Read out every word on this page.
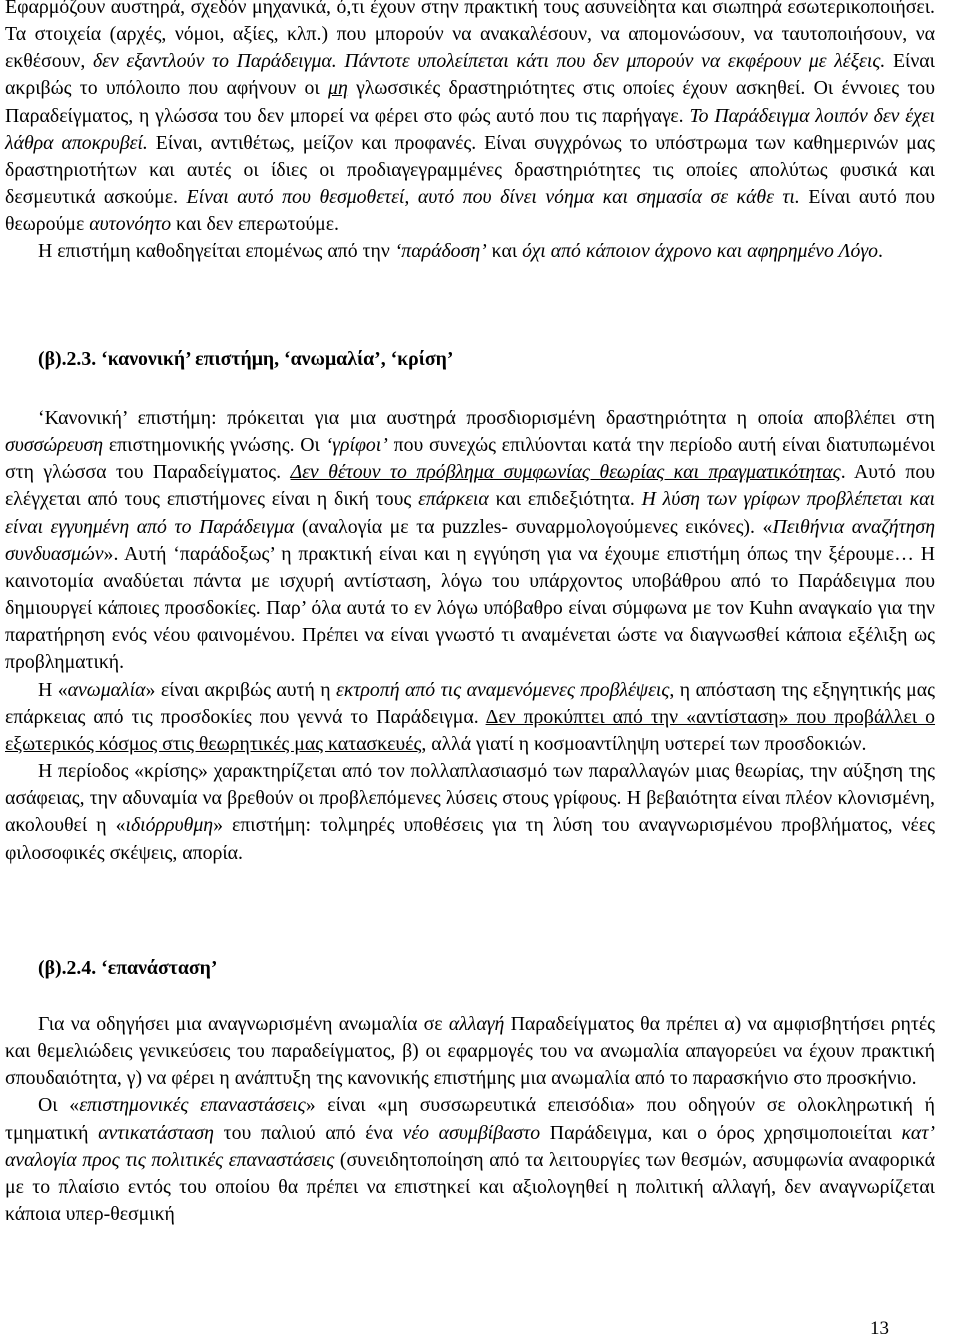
Εφαρμόζουν αυστηρά, σχεδόν μηχανικά, ό,τι έχουν στην πρακτική τους ασυνείδητα και σιωπηρά εσωτερικοποιήσει. Τα στοιχεία (αρχές, νόμοι, αξίες, κλπ.) που μπορούν να ανακαλέσουν, να απομονώσουν, να ταυτοποιήσουν, να εκθέσουν, δεν εξαντλούν το Παράδειγμα. Πάντοτε υπολείπεται κάτι που δεν μπορούν να εκφέρουν με λέξεις. Είναι ακριβώς το υπόλοιπο που αφήνουν οι μη γλωσσικές δραστηριότητες στις οποίες έχουν ασκηθεί. Οι έννοιες του Παραδείγματος, η γλώσσα του δεν μπορεί να φέρει στο φώς αυτό που τις παρήγαγε. Το Παράδειγμα λοιπόν δεν έχει λάθρα αποκρυβεί. Είναι, αντιθέτως, μείζον και προφανές. Είναι συγχρόνως το υπόστρωμα των καθημερινών μας δραστηριοτήτων και αυτές οι ίδιες οι προδιαγεγραμμένες δραστηριότητες τις οποίες απολύτως φυσικά και δεσμευτικά ασκούμε. Είναι αυτό που θεσμοθετεί, αυτό που δίνει νόημα και σημασία σε κάθε τι. Είναι αυτό που θεωρούμε αυτονόητο και δεν επερωτούμε.

Η επιστήμη καθοδηγείται επομένως από την ‘παράδοση’ και όχι από κάποιον άχρονο και αφηρημένο Λόγο.

(β).2.3. ‘κανονική’ επιστήμη, ‘ανωμαλία’, ‘κρίση’

‘Κανονική’ επιστήμη: πρόκειται για μια αυστηρά προσδιορισμένη δραστηριότητα η οποία αποβλέπει στη συσσώρευση επιστημονικής γνώσης. Οι ‘γρίφοι’ που συνεχώς επιλύονται κατά την περίοδο αυτή είναι διατυπωμένοι στη γλώσσα του Παραδείγματος. Δεν θέτουν το πρόβλημα συμφωνίας θεωρίας και πραγματικότητας. Αυτό που ελέγχεται από τους επιστήμονες είναι η δική τους επάρκεια και επιδεξιότητα. Η λύση των γρίφων προβλέπεται και είναι εγγυημένη από το Παράδειγμα (αναλογία με τα puzzles- συναρμολογούμενες εικόνες). «Πειθήνια αναζήτηση συνδυασμών». Αυτή ‘παράδοξως’ η πρακτική είναι και η εγγύηση για να έχουμε επιστήμη όπως την ξέρουμε… Η καινοτομία αναδύεται πάντα με ισχυρή αντίσταση, λόγω του υπάρχοντος υποβάθρου από το Παράδειγμα που δημιουργεί κάποιες προσδοκίες. Παρ’ όλα αυτά το εν λόγω υπόβαθρο είναι σύμφωνα με τον Kuhn αναγκαίο για την παρατήρηση ενός νέου φαινομένου. Πρέπει να είναι γνωστό τι αναμένεται ώστε να διαγνωσθεί κάποια εξέλιξη ως προβληματική.

Η «ανωμαλία» είναι ακριβώς αυτή η εκτροπή από τις αναμενόμενες προβλέψεις, η απόσταση της εξηγητικής μας επάρκειας από τις προσδοκίες που γεννά το Παράδειγμα. Δεν προκύπτει από την «αντίσταση» που προβάλλει ο εξωτερικός κόσμος στις θεωρητικές μας κατασκευές, αλλά γιατί η κοσμοαντίληψη υστερεί των προσδοκιών.

Η περίοδος «κρίσης» χαρακτηρίζεται από τον πολλαπλασιασμό των παραλλαγών μιας θεωρίας, την αύξηση της ασάφειας, την αδυναμία να βρεθούν οι προβλεπόμενες λύσεις στους γρίφους. Η βεβαιότητα είναι πλέον κλονισμένη, ακολουθεί η «ιδιόρρυθμη» επιστήμη: τολμηρές υποθέσεις για τη λύση του αναγνωρισμένου προβλήματος, νέες φιλοσοφικές σκέψεις, απορία.

(β).2.4. ‘επανάσταση’

Για να οδηγήσει μια αναγνωρισμένη ανωμαλία σε αλλαγή Παραδείγματος θα πρέπει α) να αμφισβητήσει ρητές και θεμελιώδεις γενικεύσεις του παραδείγματος, β) οι εφαρμογές του να ανωμαλία απαγορεύει να έχουν πρακτική σπουδαιότητα, γ) να φέρει η ανάπτυξη της κανονικής επιστήμης μια ανωμαλία από το παρασκήνιο στο προσκήνιο.

Οι «επιστημονικές επαναστάσεις» είναι «μη συσσωρευτικά επεισόδια» που οδηγούν σε ολοκληρωτική ή τμηματική αντικατάσταση του παλιού από ένα νέο ασυμβίβαστο Παράδειγμα, και ο όρος χρησιμοποιείται κατ’ αναλογία προς τις πολιτικές επαναστάσεις (συνειδητοποίηση από τα λειτουργίες των θεσμών, ασυμφωνία αναφορικά με το πλαίσιο εντός του οποίου θα πρέπει να επιστηκεί και αξιολογηθεί η πολιτική αλλαγή, δεν αναγνωρίζεται κάποια υπερ-θεσμική

13
